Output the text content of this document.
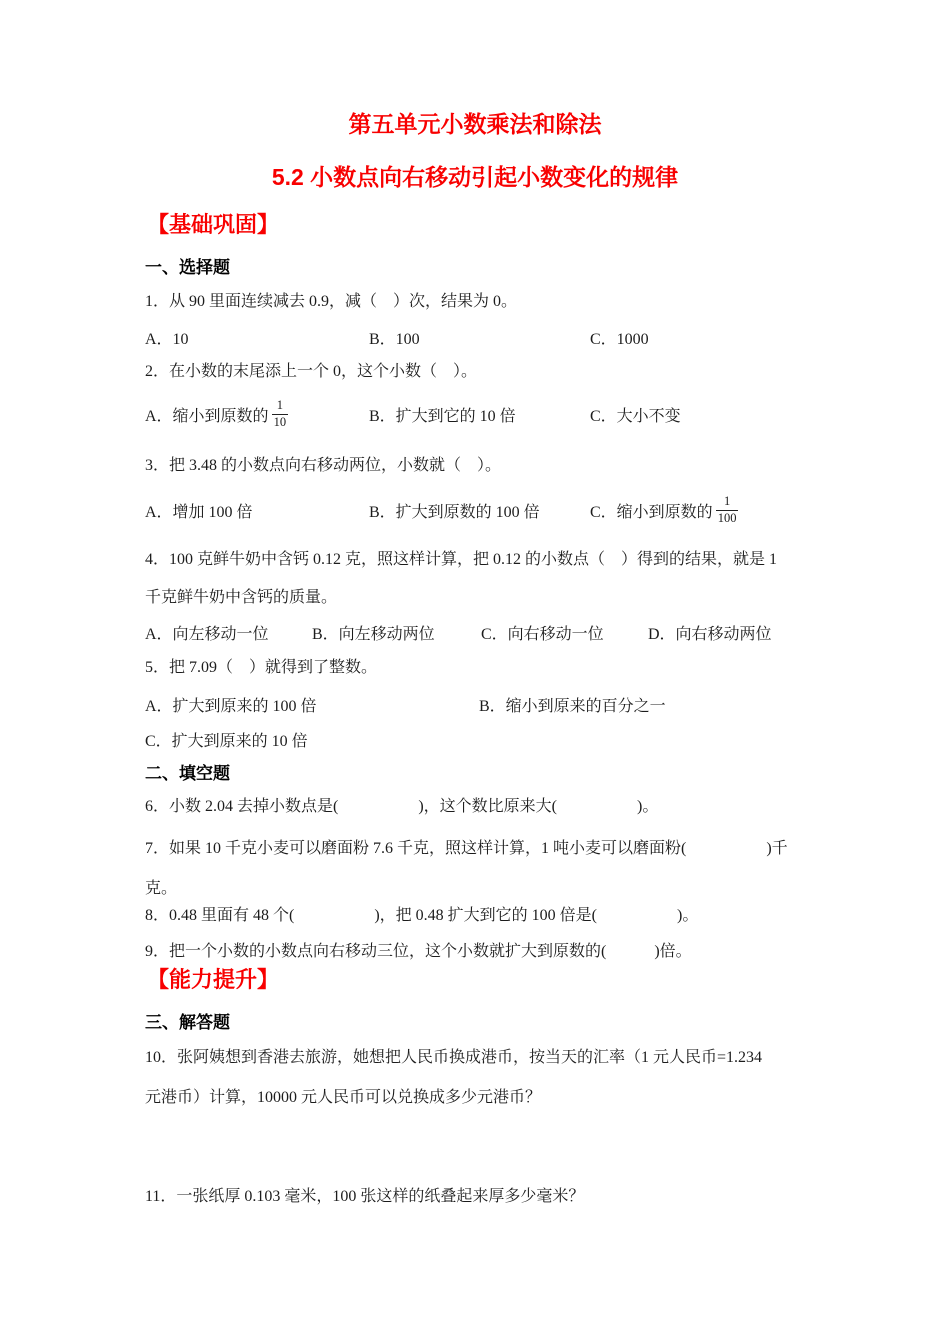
第五单元小数乘法和除法
5.2 小数点向右移动引起小数变化的规律
【基础巩固】
一、选择题
1．从 90 里面连续减去 0.9，减（　）次，结果为 0。
A．10	B．100	C．1000
2．在小数的末尾添上一个 0，这个小数（　）。
A．缩小到原数的 $\frac{1}{10}$	B．扩大到它的 10 倍	C．大小不变
3．把 3.48 的小数点向右移动两位，小数就（　）。
A．增加 100 倍	B．扩大到原数的 100 倍	C．缩小到原数的 $\frac{1}{100}$
4．100 克鲜牛奶中含钙 0.12 克，照这样计算，把 0.12 的小数点（　）得到的结果，就是 1
千克鲜牛奶中含钙的质量。
A．向左移动一位	B．向左移动两位	C．向右移动一位	D．向右移动两位
5．把 7.09（　）就得到了整数。
A．扩大到原来的 100 倍	B．缩小到原来的百分之一
C．扩大到原来的 10 倍
二、填空题
6．小数 2.04 去掉小数点是(　　　　　)，这个数比原来大(　　　　　)。
7．如果 10 千克小麦可以磨面粉 7.6 千克，照这样计算，1 吨小麦可以磨面粉(　　　　　)千
克。
8．0.48 里面有 48 个(　　　　　)，把 0.48 扩大到它的 100 倍是(　　　　　)。
9．把一个小数的小数点向右移动三位，这个小数就扩大到原数的(　　　)倍。
【能力提升】
三、解答题
10．张阿姨想到香港去旅游，她想把人民币换成港币，按当天的汇率（1 元人民币=1.234
元港币）计算，10000 元人民币可以兑换成多少元港币？
11．一张纸厚 0.103 毫米，100 张这样的纸叠起来厚多少毫米？
